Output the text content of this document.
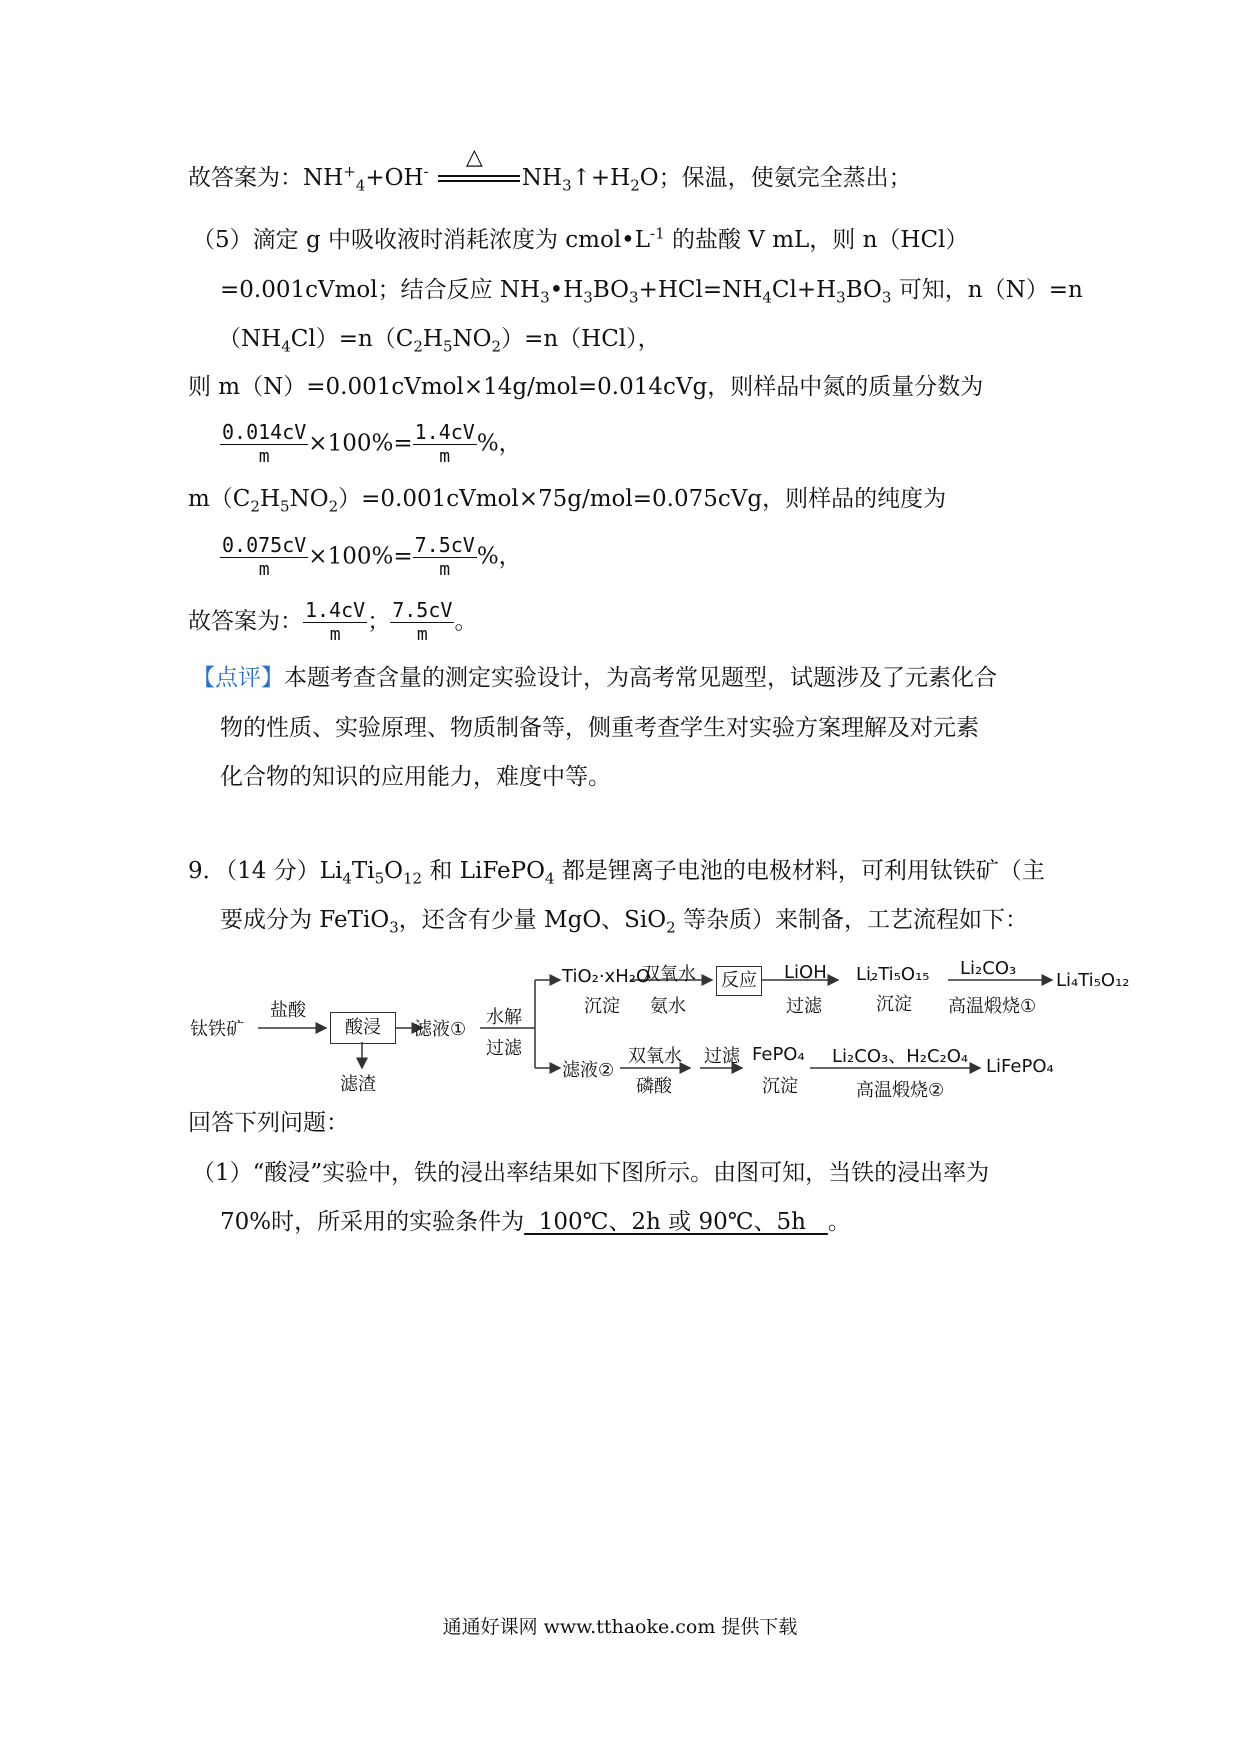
故答案为：$NH^+_4+OH^-$
△
$NH_3↑+H_2O$；保温，使氨完全蒸出；
（5）滴定 g 中吸收液时消耗浓度为 $cmol•L^{-1}$ 的盐酸 V mL，则 n（HCl）
=0.001cVmol；结合反应 $NH_3•H_3BO_3+HCl=NH_4Cl+H_3BO_3$ 可知，n（N）=n
$(NH_4Cl)=n(C_2H_5NO_2)=n(HCl)$，
则 m（N）=0.001cVmol×14g/mol=0.014cVg，则样品中氮的质量分数为
$\frac{0.014cV}{m} \times 100\%= \frac{1.4cV}{m}$ %，
$m(C_2H_5NO_2)=0.001cVmol\times 75g/mol=0.075cVg$，则样品的纯度为
$\frac{0.075cV}{m} \times 100\%= \frac{7.5cV}{m}$ %，
故答案为： $\frac{1.4cV}{m}$ ； $\frac{7.5cV}{m}$ 。
【点评】本题考查含量的测定实验设计，为高考常见题型，试题涉及了元素化合
物的性质、实验原理、物质制备等，侧重考查学生对实验方案理解及对元素
化合物的知识的应用能力，难度中等。
9．（14 分）$Li_4Ti_5O_{12}$ 和 LiFePO$_4$ 都是锂离子电池的电极材料，可利用钛铁矿（主
要成分为 FeTiO$_3$，还含有少量 MgO、SiO$_2$ 等杂质）来制备，工艺流程如下：
钛铁矿
盐酸
酸浸
滤渣
滤液①
水解
过滤
TiO₂·xH₂O
沉淀
双氧水
氨水
反应 LiOH
过滤
Li₂Ti₅O₁₅
沉淀
Li₂CO₃
高温煅烧①
Li₄Ti₅O₁₂
滤液②
双氧水
磷酸
过滤 FePO₄
沉淀
Li₂CO₃、H₂C₂O₄
高温煅烧②
LiFePO₄
回答下列问题：
（1）“酸浸”实验中，铁的浸出率结果如下图所示。由图可知，当铁的浸出率为
70%时，所采用的实验条件为  100℃、2h 或 90℃、5h   。
通通好课网 www.tthaoke.com 提供下载
